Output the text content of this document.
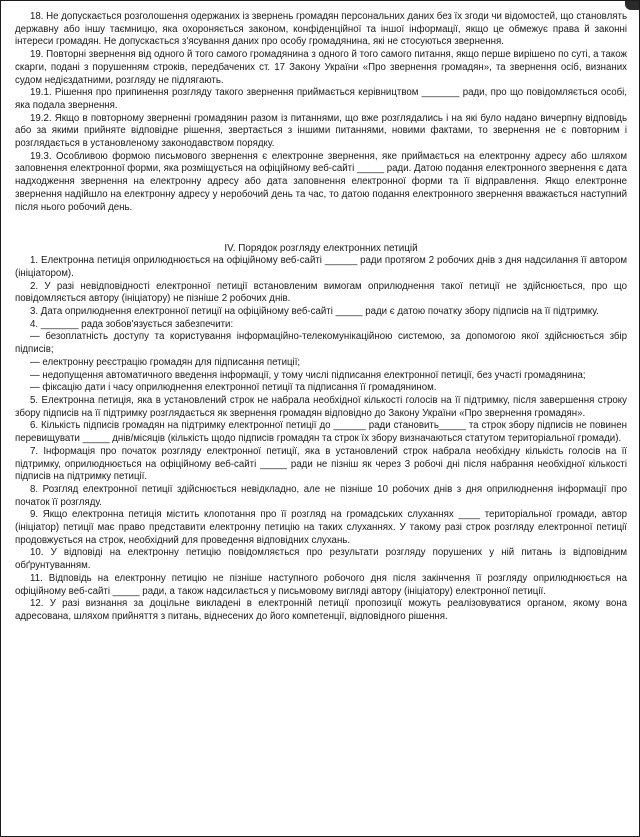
18. Не допускається розголошення одержаних із звернень громадян персональних даних без їх згоди чи відомостей, що становлять державну або іншу таємницю, яка охороняється законом, конфіденційної та іншої інформації, якщо це обмежує права й законні інтереси громадян. Не допускається з'ясування даних про особу громадянина, які не стосуються звернення.

19. Повторні звернення від одного й того самого громадянина з одного й того самого питання, якщо перше вирішено по суті, а також скарги, подані з порушенням строків, передбачених ст. 17 Закону України «Про звернення громадян», та звернення осіб, визнаних судом недієздатними, розгляду не підлягають.

19.1. Рішення про припинення розгляду такого звернення приймається керівництвом _______ ради, про що повідомляється особі, яка подала звернення.

19.2. Якщо в повторному зверненні громадянин разом із питаннями, що вже розглядались і на які було надано вичерпну відповідь або за якими прийняте відповідне рішення, звертається з іншими питаннями, новими фактами, то звернення не є повторним і розглядається в установленому законодавством порядку.

19.3. Особливою формою письмового звернення є електронне звернення, яке приймається на електронну адресу або шляхом заповнення електронної форми, яка розміщується на офіційному веб-сайті _____ ради. Датою подання електронного звернення є дата надходження звернення на електронну адресу або дата заповнення електронної форми та її відправлення. Якщо електронне звернення надійшло на електронну адресу у неробочий день та час, то датою подання електронного звернення вважається наступний після нього робочий день.

IV. Порядок розгляду електронних петицій

1. Електронна петиція оприлюднюється на офіційному веб-сайті ______ ради протягом 2 робочих днів з дня надсилання її автором (ініціатором).

2. У разі невідповідності електронної петиції встановленим вимогам оприлюднення такої петиції не здійснюється, про що повідомляється автору (ініціатору) не пізніше 2 робочих днів.

3. Дата оприлюднення електронної петиції на офіційному веб-сайті _____ ради є датою початку збору підписів на її підтримку.

4. _______ рада зобов'язується забезпечити:

— безоплатність доступу та користування інформаційно-телекомунікаційною системою, за допомогою якої здійснюється збір підписів;

— електронну реєстрацію громадян для підписання петиції;

— недопущення автоматичного введення інформації, у тому числі підписання електронної петиції, без участі громадянина;

— фіксацію дати і часу оприлюднення електронної петиції та підписання її громадянином.

5. Електронна петиція, яка в установлений строк не набрала необхідної кількості голосів на її підтримку, після завершення строку збору підписів на її підтримку розглядається як звернення громадян відповідно до Закону України «Про звернення громадян».

6. Кількість підписів громадян на підтримку електронної петиції до ______ ради становить_____ та строк збору підписів не повинен перевищувати _____ днів/місяців (кількість щодо підписів громадян та строк їх збору визначаються статутом територіальної громади).

7. Інформація про початок розгляду електронної петиції, яка в установлений строк набрала необхідну кількість голосів на її підтримку, оприлюднюється на офіційному веб-сайті _____ ради не пізніш як через 3 робочі дні після набрання необхідної кількості підписів на підтримку петиції.

8. Розгляд електронної петиції здійснюється невідкладно, але не пізніше 10 робочих днів з дня оприлюднення інформації про початок її розгляду.

9. Якщо електронна петиція містить клопотання про її розгляд на громадських слуханнях ____ територіальної громади, автор (ініціатор) петиції має право представити електронну петицію на таких слуханнях. У такому разі строк розгляду електронної петиції продовжується на строк, необхідний для проведення відповідних слухань.

10. У відповіді на електронну петицію повідомляється про результати розгляду порушених у ній питань із відповідним обґрунтуванням.

11. Відповідь на електронну петицію не пізніше наступного робочого дня після закінчення її розгляду оприлюднюється на офіційному веб-сайті _____ ради, а також надсилається у письмовому вигляді автору (ініціатору) електронної петиції.

12. У разі визнання за доцільне викладені в електронній петиції пропозиції можуть реалізовуватися органом, якому вона адресована, шляхом прийняття з питань, віднесених до його компетенції, відповідного рішення.
